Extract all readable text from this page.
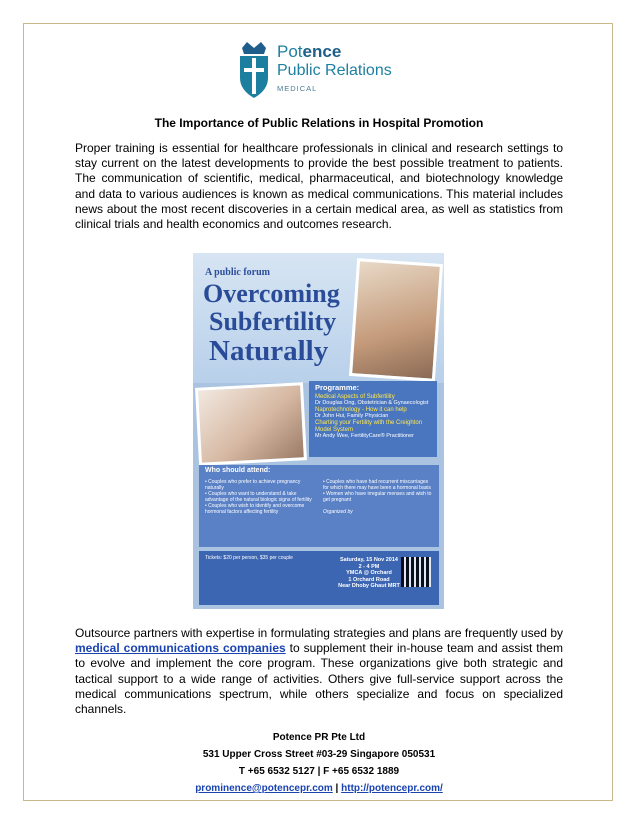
Potence
Public Relations
MEDICAL
The Importance of Public Relations in Hospital Promotion
Proper training is essential for healthcare professionals in clinical and research settings to stay current on the latest developments to provide the best possible treatment to patients. The communication of scientific, medical, pharmaceutical, and biotechnology knowledge and data to various audiences is known as medical communications. This material includes news about the most recent discoveries in a certain medical area, as well as statistics from clinical trials and health economics and outcomes research.
A public forum
Overcoming
Subfertility
Naturally
Programme:
Medical Aspects of Subfertility
Dr Douglas Ong, Obstetrician & Gynaecologist
Naprotechnology - How it can help
Dr John Hui, Family Physician
Charting your Fertility with the Creighton Model System
Mr Andy Wee, FertilityCare® Practitioner
Who should attend:
• Couples who prefer to achieve pregnancy naturally
• Couples who want to understand & take advantage of the natural biologic signs of fertility
• Couples who wish to identify and overcome hormonal factors affecting fertility
• Couples who have had recurrent miscarriages for which there may have been a hormonal basis
• Women who have irregular menses and wish to get pregnant
Organized by
Tickets: $20 per person, $35 per couple	Saturday, 15 Nov 2014
2 - 4 PM
YMCA @ Orchard
1 Orchard Road
Near Dhoby Ghaut MRT
Outsource partners with expertise in formulating strategies and plans are frequently used by medical communications companies to supplement their in-house team and assist them to evolve and implement the core program. These organizations give both strategic and tactical support to a wide range of activities. Others give full-service support across the medical communications spectrum, while others specialize and focus on specialized channels.
Potence PR Pte Ltd
531 Upper Cross Street #03-29 Singapore 050531
T +65 6532 5127 | F +65 6532 1889
prominence@potencepr.com | http://potencepr.com/
